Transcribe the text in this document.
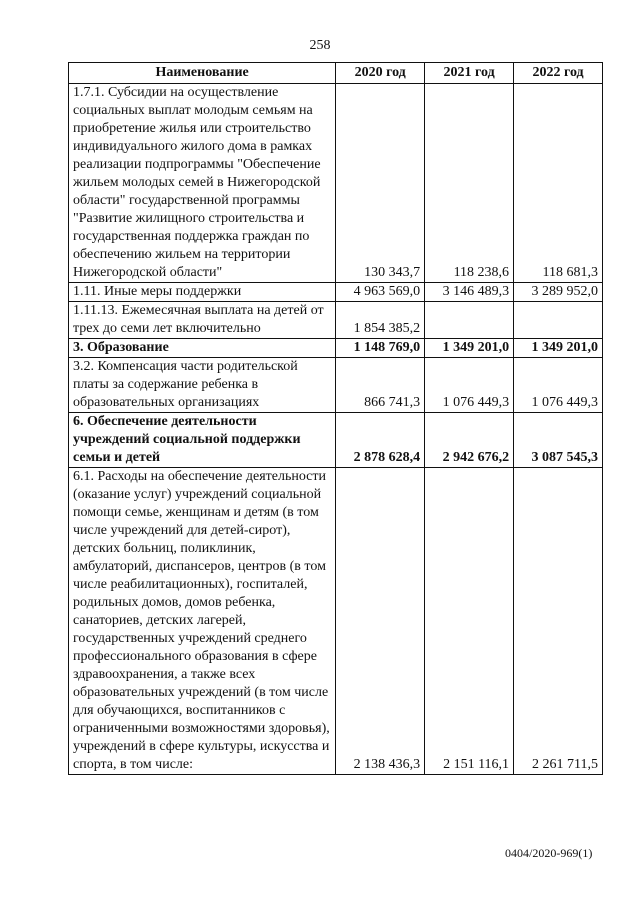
258
Наименование	2020 год	2021 год	2022 год
1.7.1. Субсидии на осуществление социальных выплат молодым семьям на приобретение жилья или строительство индивидуального жилого дома в рамках реализации подпрограммы "Обеспечение жильем молодых семей в Нижегородской области" государственной программы "Развитие жилищного строительства и государственная поддержка граждан по обеспечению жильем на территории Нижегородской области"	130 343,7	118 238,6	118 681,3
1.11. Иные меры поддержки	4 963 569,0	3 146 489,3	3 289 952,0
1.11.13. Ежемесячная выплата на детей от трех до семи лет включительно	1 854 385,2		
3. Образование	1 148 769,0	1 349 201,0	1 349 201,0
3.2. Компенсация части родительской платы за содержание ребенка в образовательных организациях	866 741,3	1 076 449,3	1 076 449,3
6. Обеспечение деятельности учреждений социальной поддержки семьи и детей	2 878 628,4	2 942 676,2	3 087 545,3
6.1. Расходы на обеспечение деятельности (оказание услуг) учреждений социальной помощи семье, женщинам и детям (в том числе учреждений для детей-сирот), детских больниц, поликлиник, амбулаторий, диспансеров, центров (в том числе реабилитационных), госпиталей, родильных домов, домов ребенка, санаториев, детских лагерей, государственных учреждений среднего профессионального образования в сфере здравоохранения, а также всех образовательных учреждений (в том числе для обучающихся, воспитанников с ограниченными возможностями здоровья), учреждений в сфере культуры, искусства и спорта, в том числе:	2 138 436,3	2 151 116,1	2 261 711,5
0404/2020-969(1)
